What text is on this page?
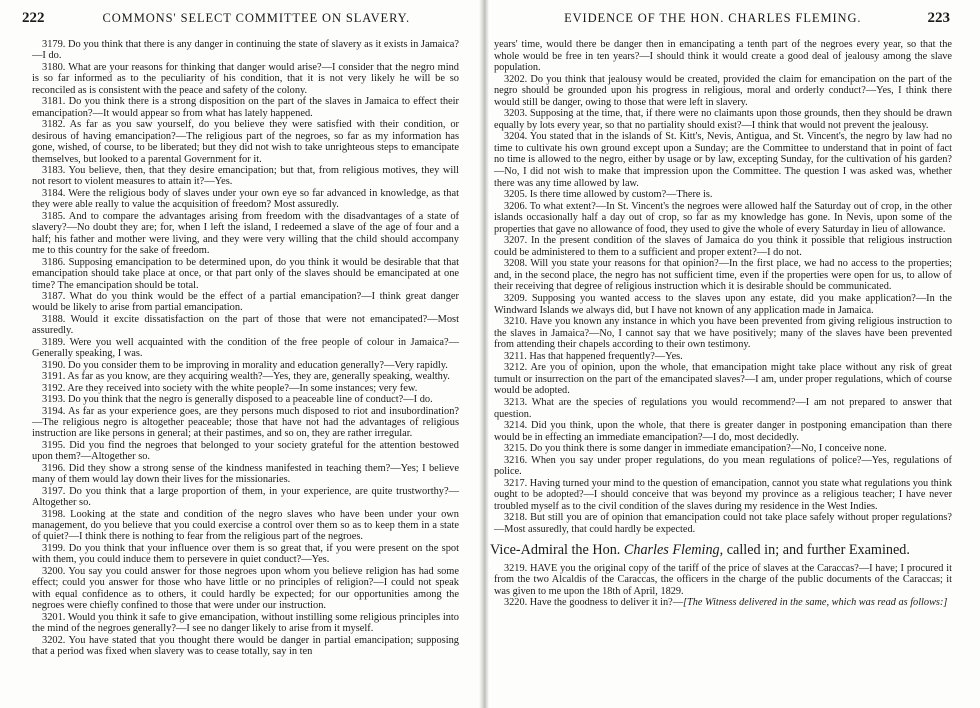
222	COMMONS' SELECT COMMITTEE ON SLAVERY.

3179. Do you think that there is any danger in continuing the state of slavery as it exists in Jamaica?—I do.

3180. What are your reasons for thinking that danger would arise?—I consider that the negro mind is so far informed as to the peculiarity of his condition, that it is not very likely he will be so reconciled as is consistent with the peace and safety of the colony.

3181. Do you think there is a strong disposition on the part of the slaves in Jamaica to effect their emancipation?—It would appear so from what has lately happened.

3182. As far as you saw yourself, do you believe they were satisfied with their condition, or desirous of having emancipation?—The religious part of the negroes, so far as my information has gone, wished, of course, to be liberated; but they did not wish to take unrighteous steps to emancipate themselves, but looked to a parental Government for it.

3183. You believe, then, that they desire emancipation; but that, from religious motives, they will not resort to violent measures to attain it?—Yes.

3184. Were the religious body of slaves under your own eye so far advanced in knowledge, as that they were able really to value the acquisition of freedom? Most assuredly.

3185. And to compare the advantages arising from freedom with the disadvantages of a state of slavery?—No doubt they are; for, when I left the island, I redeemed a slave of the age of four and a half; his father and mother were living, and they were very willing that the child should accompany me to this country for the sake of freedom.

3186. Supposing emancipation to be determined upon, do you think it would be desirable that that emancipation should take place at once, or that part only of the slaves should be emancipated at one time? The emancipation should be total.

3187. What do you think would be the effect of a partial emancipation?—I think great danger would be likely to arise from partial emancipation.

3188. Would it excite dissatisfaction on the part of those that were not emancipated?—Most assuredly.

3189. Were you well acquainted with the condition of the free people of colour in Jamaica?—Generally speaking, I was.

3190. Do you consider them to be improving in morality and education generally?—Very rapidly.

3191. As far as you know, are they acquiring wealth?—Yes, they are, generally speaking, wealthy.

3192. Are they received into society with the white people?—In some instances; very few.

3193. Do you think that the negro is generally disposed to a peaceable line of conduct?—I do.

3194. As far as your experience goes, are they persons much disposed to riot and insubordination?—The religious negro is altogether peaceable; those that have not had the advantages of religious instruction are like persons in general; at their pastimes, and so on, they are rather irregular.

3195. Did you find the negroes that belonged to your society grateful for the attention bestowed upon them?—Altogether so.

3196. Did they show a strong sense of the kindness manifested in teaching them?—Yes; I believe many of them would lay down their lives for the missionaries.

3197. Do you think that a large proportion of them, in your experience, are quite trustworthy?—Altogether so.

3198. Looking at the state and condition of the negro slaves who have been under your own management, do you believe that you could exercise a control over them so as to keep them in a state of quiet?—I think there is nothing to fear from the religious part of the negroes.

3199. Do you think that your influence over them is so great that, if you were present on the spot with them, you could induce them to persevere in quiet conduct?—Yes.

3200. You say you could answer for those negroes upon whom you believe religion has had some effect; could you answer for those who have little or no principles of religion?—I could not speak with equal confidence as to others, it could hardly be expected; for our opportunities among the negroes were chiefly confined to those that were under our instruction.

3201. Would you think it safe to give emancipation, without instilling some religious principles into the mind of the negroes generally?—I see no danger likely to arise from it myself.

3202. You have stated that you thought there would be danger in partial emancipation; supposing that a period was fixed when slavery was to cease totally, say in ten

EVIDENCE OF THE HON. CHARLES FLEMING.	223

years' time, would there be danger then in emancipating a tenth part of the negroes every year, so that the whole would be free in ten years?—I should think it would create a good deal of jealousy among the slave population.

3202. Do you think that jealousy would be created, provided the claim for emancipation on the part of the negro should be grounded upon his progress in religious, moral and orderly conduct?—Yes, I think there would still be danger, owing to those that were left in slavery.

3203. Supposing at the time, that, if there were no claimants upon those grounds, then they should be drawn equally by lots every year, so that no partiality should exist?—I think that would not prevent the jealousy.

3204. You stated that in the islands of St. Kitt's, Nevis, Antigua, and St. Vincent's, the negro by law had no time to cultivate his own ground except upon a Sunday; are the Committee to understand that in point of fact no time is allowed to the negro, either by usage or by law, excepting Sunday, for the cultivation of his garden?—No, I did not wish to make that impression upon the Committee. The question I was asked was, whether there was any time allowed by law.

3205. Is there time allowed by custom?—There is.

3206. To what extent?—In St. Vincent's the negroes were allowed half the Saturday out of crop, in the other islands occasionally half a day out of crop, so far as my knowledge has gone. In Nevis, upon some of the properties that gave no allowance of food, they used to give the whole of every Saturday in lieu of allowance.

3207. In the present condition of the slaves of Jamaica do you think it possible that religious instruction could be administered to them to a sufficient and proper extent?—I do not.

3208. Will you state your reasons for that opinion?—In the first place, we had no access to the properties; and, in the second place, the negro has not sufficient time, even if the properties were open for us, to allow of their receiving that degree of religious instruction which it is desirable should be communicated.

3209. Supposing you wanted access to the slaves upon any estate, did you make application?—In the Windward Islands we always did, but I have not known of any application made in Jamaica.

3210. Have you known any instance in which you have been prevented from giving religious instruction to the slaves in Jamaica?—No, I cannot say that we have positively; many of the slaves have been prevented from attending their chapels according to their own testimony.

3211. Has that happened frequently?—Yes.

3212. Are you of opinion, upon the whole, that emancipation might take place without any risk of great tumult or insurrection on the part of the emancipated slaves?—I am, under proper regulations, which of course would be adopted.

3213. What are the species of regulations you would recommend?—I am not prepared to answer that question.

3214. Did you think, upon the whole, that there is greater danger in postponing emancipation than there would be in effecting an immediate emancipation?—I do, most decidedly.

3215. Do you think there is some danger in immediate emancipation?—No, I conceive none.

3216. When you say under proper regulations, do you mean regulations of police?—Yes, regulations of police.

3217. Having turned your mind to the question of emancipation, cannot you state what regulations you think ought to be adopted?—I should conceive that was beyond my province as a religious teacher; I have never troubled myself as to the civil condition of the slaves during my residence in the West Indies.

3218. But still you are of opinion that emancipation could not take place safely without proper regulations?—Most assuredly, that could hardly be expected.

Vice-Admiral the Hon. Charles Fleming, called in; and further Examined.

3219. HAVE you the original copy of the tariff of the price of slaves at the Caraccas?—I have; I procured it from the two Alcaldis of the Caraccas, the officers in the charge of the public documents of the Caraccas; it was given to me upon the 18th of April, 1829.

3220. Have the goodness to deliver it in?—[The Witness delivered in the same, which was read as follows:]
